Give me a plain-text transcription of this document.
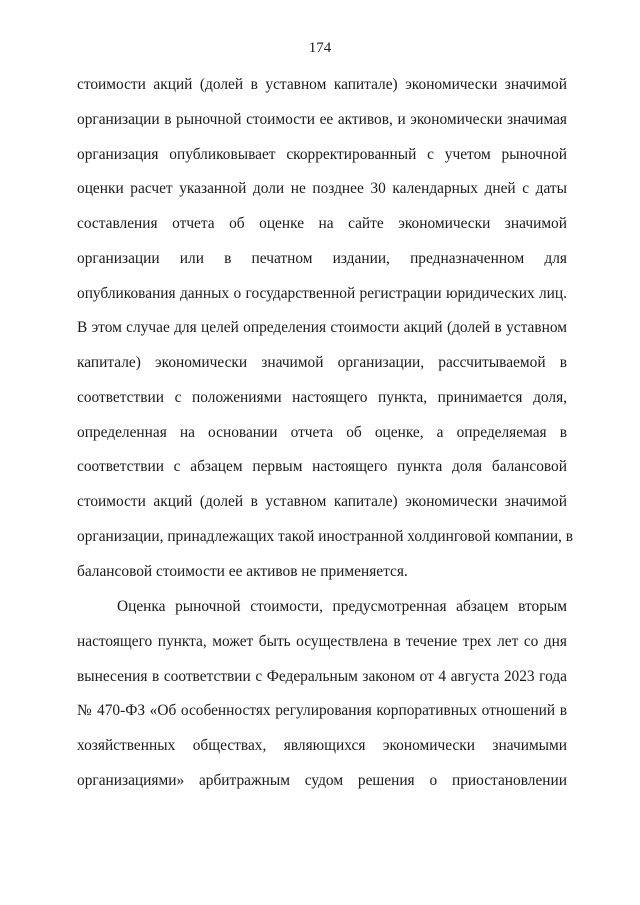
174
стоимости акций (долей в уставном капитале) экономически значимой
организации в рыночной стоимости ее активов, и экономически значимая
организация опубликовывает скорректированный с учетом рыночной
оценки расчет указанной доли не позднее 30 календарных дней с даты
составления отчета об оценке на сайте экономически значимой
организации или в печатном издании, предназначенном для
опубликования данных о государственной регистрации юридических лиц.
В этом случае для целей определения стоимости акций (долей в уставном
капитале) экономически значимой организации, рассчитываемой в
соответствии с положениями настоящего пункта, принимается доля,
определенная на основании отчета об оценке, а определяемая в
соответствии с абзацем первым настоящего пункта доля балансовой
стоимости акций (долей в уставном капитале) экономически значимой
организации, принадлежащих такой иностранной холдинговой компании, в
балансовой стоимости ее активов не применяется.
Оценка рыночной стоимости, предусмотренная абзацем вторым
настоящего пункта, может быть осуществлена в течение трех лет со дня
вынесения в соответствии с Федеральным законом от 4 августа 2023 года
№ 470-ФЗ «Об особенностях регулирования корпоративных отношений в
хозяйственных обществах, являющихся экономически значимыми
организациями» арбитражным судом решения о приостановлении
